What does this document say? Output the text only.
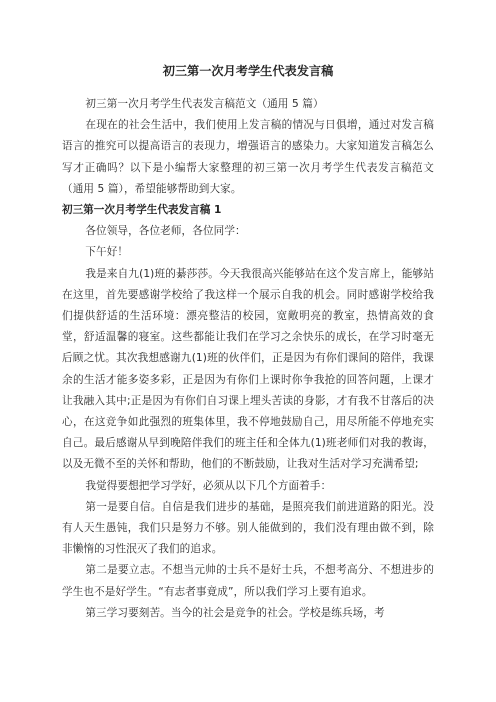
初三第一次月考学生代表发言稿

初三第一次月考学生代表发言稿范文（通用 5 篇）

在现在的社会生活中，我们使用上发言稿的情况与日俱增，通过对发言稿语言的推究可以提高语言的表现力，增强语言的感染力。大家知道发言稿怎么写才正确吗？以下是小编帮大家整理的初三第一次月考学生代表发言稿范文（通用 5 篇），希望能够帮助到大家。

初三第一次月考学生代表发言稿 1

各位领导，各位老师，各位同学：

下午好！

我是来自九(1)班的綦莎莎。今天我很高兴能够站在这个发言席上，能够站在这里，首先要感谢学校给了我这样一个展示自我的机会。同时感谢学校给我们提供舒适的生活环境：漂亮整洁的校园，宽敞明亮的教室，热情高效的食堂，舒适温馨的寝室。这些都能让我们在学习之余快乐的成长，在学习时毫无后顾之忧。其次我想感谢九(1)班的伙伴们，正是因为有你们课间的陪伴，我课余的生活才能多姿多彩，正是因为有你们上课时你争我抢的回答问题，上课才让我融入其中;正是因为有你们自习课上埋头苦读的身影，才有我不甘落后的决心，在这竞争如此强烈的班集体里，我不停地鼓励自己，用尽所能不停地充实自己。最后感谢从早到晚陪伴我们的班主任和全体九(1)班老师们对我的教诲，以及无微不至的关怀和帮助，他们的不断鼓励，让我对生活对学习充满希望;

我觉得要想把学习学好，必须从以下几个方面着手：

第一是要自信。自信是我们进步的基础，是照亮我们前进道路的阳光。没有人天生愚钝，我们只是努力不够。别人能做到的，我们没有理由做不到，除非懒惰的习性泯灭了我们的追求。

第二是要立志。不想当元帅的士兵不是好士兵，不想考高分、不想进步的学生也不是好学生。“有志者事竟成”，所以我们学习上要有追求。

第三学习要刻苦。当今的社会是竞争的社会。学校是练兵场，考
